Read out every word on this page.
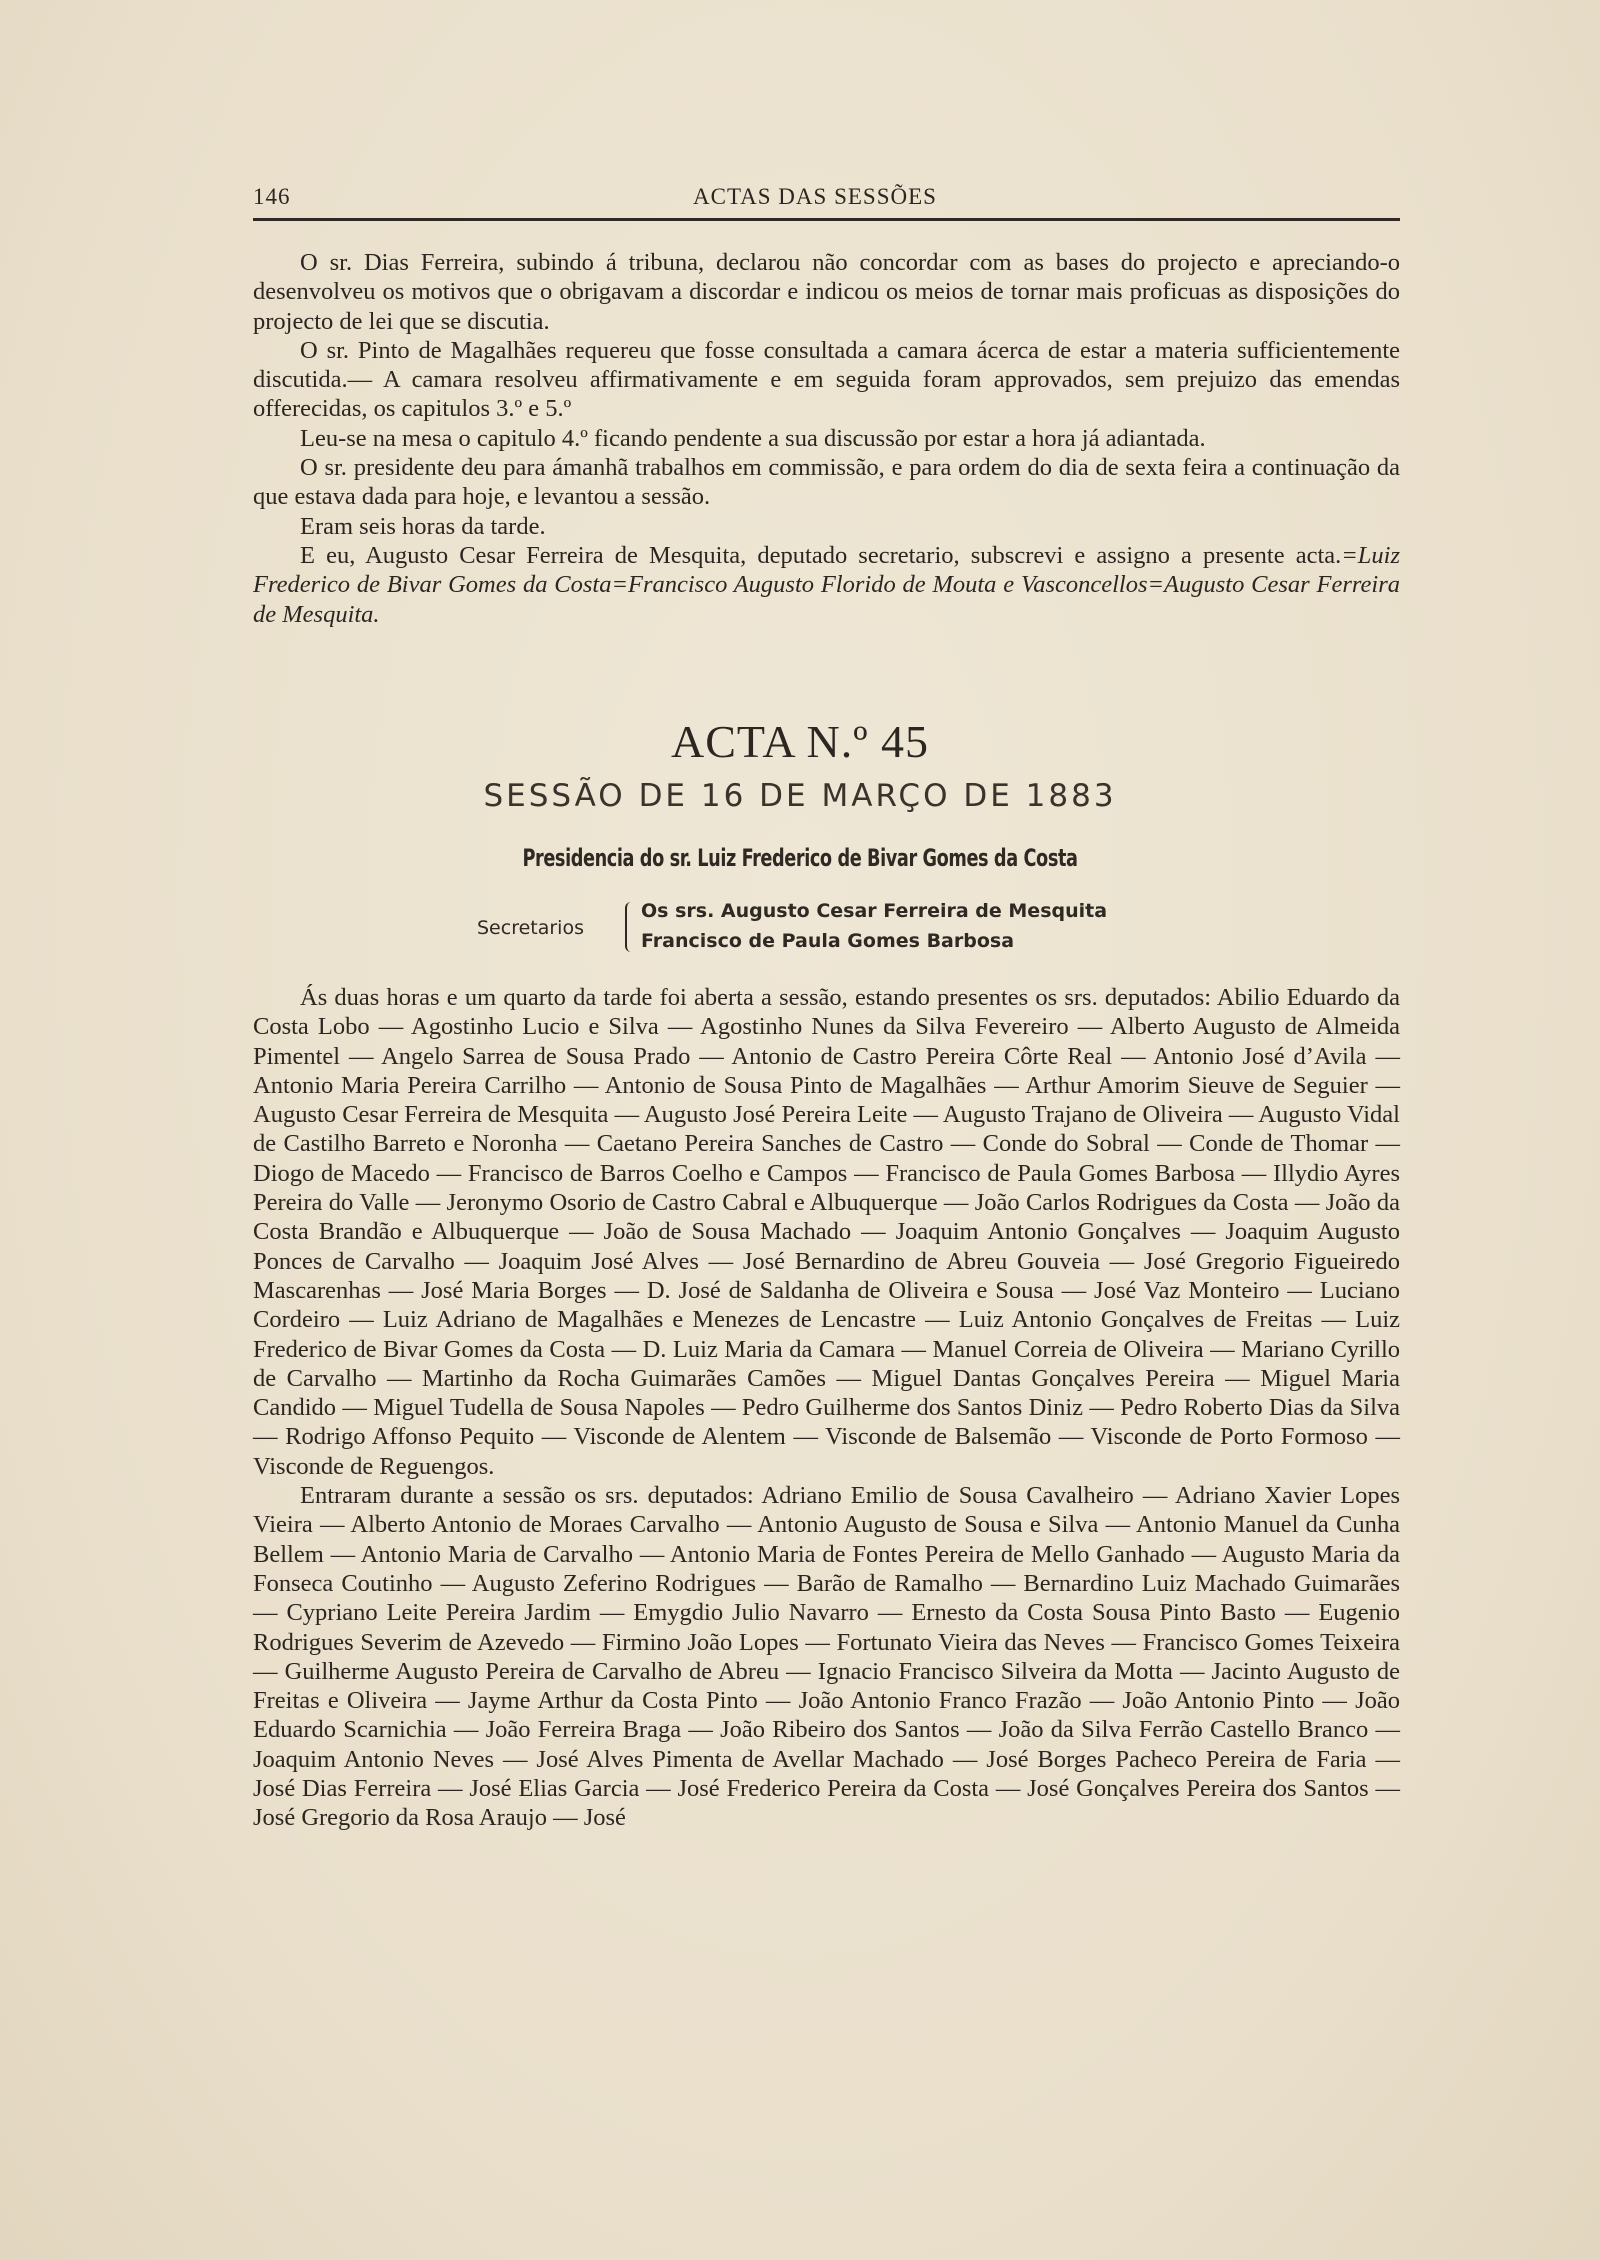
146	ACTAS DAS SESSÕES

O sr. Dias Ferreira, subindo á tribuna, declarou não concordar com as bases do projecto e apreciando-o desenvolveu os motivos que o obrigavam a discordar e indicou os meios de tornar mais proficuas as disposições do projecto de lei que se discutia.

O sr. Pinto de Magalhães requereu que fosse consultada a camara ácerca de estar a materia sufficientemente discutida.— A camara resolveu affirmativamente e em seguida foram approvados, sem prejuizo das emendas offerecidas, os capitulos 3.º e 5.º

Leu-se na mesa o capitulo 4.º ficando pendente a sua discussão por estar a hora já adiantada.

O sr. presidente deu para ámanhã trabalhos em commissão, e para ordem do dia de sexta feira a continuação da que estava dada para hoje, e levantou a sessão.

Eram seis horas da tarde.

E eu, Augusto Cesar Ferreira de Mesquita, deputado secretario, subscrevi e assigno a presente acta.=Luiz Frederico de Bivar Gomes da Costa=Francisco Augusto Florido de Mouta e Vasconcellos=Augusto Cesar Ferreira de Mesquita.

ACTA N.º 45
SESSÃO DE 16 DE MARÇO DE 1883
Presidencia do sr. Luiz Frederico de Bivar Gomes da Costa
Secretarios
Os srs. Augusto Cesar Ferreira de Mesquita
Francisco de Paula Gomes Barbosa

Ás duas horas e um quarto da tarde foi aberta a sessão, estando presentes os srs. deputados: Abilio Eduardo da Costa Lobo — Agostinho Lucio e Silva — Agostinho Nunes da Silva Fevereiro — Alberto Augusto de Almeida Pimentel — Angelo Sarrea de Sousa Prado — Antonio de Castro Pereira Côrte Real — Antonio José d’Avila — Antonio Maria Pereira Carrilho — Antonio de Sousa Pinto de Magalhães — Arthur Amorim Sieuve de Seguier — Augusto Cesar Ferreira de Mesquita — Augusto José Pereira Leite — Augusto Trajano de Oliveira — Augusto Vidal de Castilho Barreto e Noronha — Caetano Pereira Sanches de Castro — Conde do Sobral — Conde de Thomar — Diogo de Macedo — Francisco de Barros Coelho e Campos — Francisco de Paula Gomes Barbosa — Illydio Ayres Pereira do Valle — Jeronymo Osorio de Castro Cabral e Albuquerque — João Carlos Rodrigues da Costa — João da Costa Brandão e Albuquerque — João de Sousa Machado — Joaquim Antonio Gonçalves — Joaquim Augusto Ponces de Carvalho — Joaquim José Alves — José Bernardino de Abreu Gouveia — José Gregorio Figueiredo Mascarenhas — José Maria Borges — D. José de Saldanha de Oliveira e Sousa — José Vaz Monteiro — Luciano Cordeiro — Luiz Adriano de Magalhães e Menezes de Lencastre — Luiz Antonio Gonçalves de Freitas — Luiz Frederico de Bivar Gomes da Costa — D. Luiz Maria da Camara — Manuel Correia de Oliveira — Mariano Cyrillo de Carvalho — Martinho da Rocha Guimarães Camões — Miguel Dantas Gonçalves Pereira — Miguel Maria Candido — Miguel Tudella de Sousa Napoles — Pedro Guilherme dos Santos Diniz — Pedro Roberto Dias da Silva — Rodrigo Affonso Pequito — Visconde de Alentem — Visconde de Balsemão — Visconde de Porto Formoso — Visconde de Reguengos.

Entraram durante a sessão os srs. deputados: Adriano Emilio de Sousa Cavalheiro — Adriano Xavier Lopes Vieira — Alberto Antonio de Moraes Carvalho — Antonio Augusto de Sousa e Silva — Antonio Manuel da Cunha Bellem — Antonio Maria de Carvalho — Antonio Maria de Fontes Pereira de Mello Ganhado — Augusto Maria da Fonseca Coutinho — Augusto Zeferino Rodrigues — Barão de Ramalho — Bernardino Luiz Machado Guimarães — Cypriano Leite Pereira Jardim — Emygdio Julio Navarro — Ernesto da Costa Sousa Pinto Basto — Eugenio Rodrigues Severim de Azevedo — Firmino João Lopes — Fortunato Vieira das Neves — Francisco Gomes Teixeira — Guilherme Augusto Pereira de Carvalho de Abreu — Ignacio Francisco Silveira da Motta — Jacinto Augusto de Freitas e Oliveira — Jayme Arthur da Costa Pinto — João Antonio Franco Frazão — João Antonio Pinto — João Eduardo Scarnichia — João Ferreira Braga — João Ribeiro dos Santos — João da Silva Ferrão Castello Branco — Joaquim Antonio Neves — José Alves Pimenta de Avellar Machado — José Borges Pacheco Pereira de Faria — José Dias Ferreira — José Elias Garcia — José Frederico Pereira da Costa — José Gonçalves Pereira dos Santos — José Gregorio da Rosa Araujo — José
